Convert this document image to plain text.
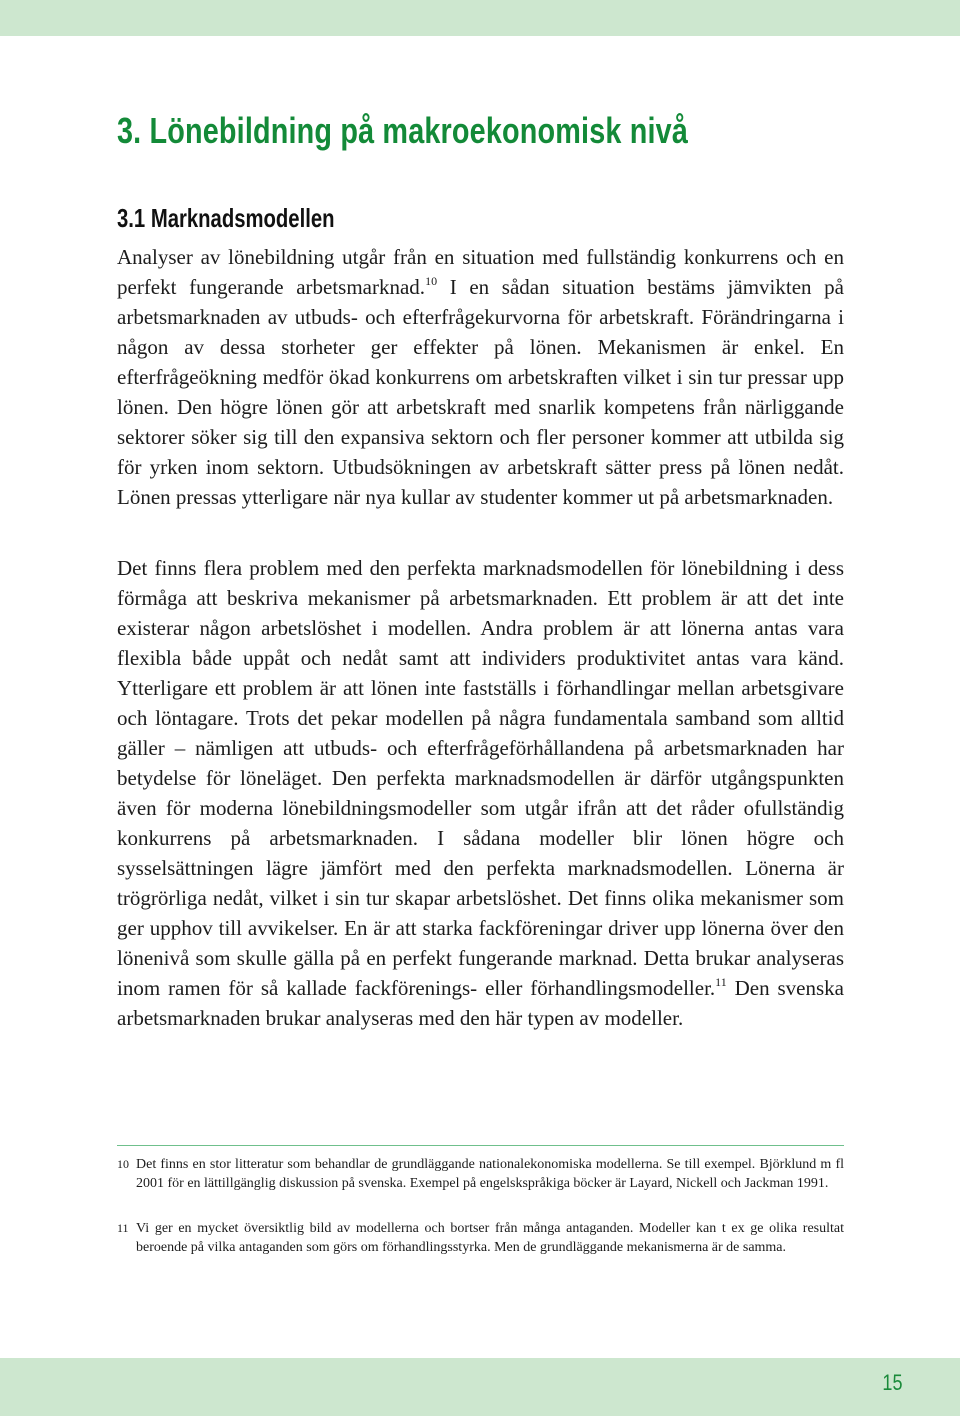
3. Lönebildning på makroekonomisk nivå
3.1 Marknadsmodellen

Analyser av lönebildning utgår från en situation med fullständig konkurrens och en perfekt fungerande arbetsmarknad.$^{10}$ I en sådan situation bestäms jämvikten på arbetsmarknaden av utbuds- och efterfrågekurvorna för arbetskraft. Förändringarna i någon av dessa storheter ger effekter på lönen. Mekanismen är enkel. En efterfrågeökning medför ökad konkurrens om arbetskraften vilket i sin tur pressar upp lönen. Den högre lönen gör att arbetskraft med snarlik kompetens från närliggande sektorer söker sig till den expansiva sektorn och fler personer kommer att utbilda sig för yrken inom sektorn. Utbudsökningen av arbetskraft sätter press på lönen nedåt. Lönen pressas ytterligare när nya kullar av studenter kommer ut på arbetsmarknaden.

Det finns flera problem med den perfekta marknadsmodellen för lönebildning i dess förmåga att beskriva mekanismer på arbetsmarknaden. Ett problem är att det inte existerar någon arbetslöshet i modellen. Andra problem är att lönerna antas vara flexibla både uppåt och nedåt samt att individers produktivitet antas vara känd. Ytterligare ett problem är att lönen inte fastställs i förhandlingar mellan arbetsgivare och löntagare. Trots det pekar modellen på några fundamentala samband som alltid gäller – nämligen att utbuds- och efterfrågeförhållandena på arbetsmarknaden har betydelse för löneläget. Den perfekta marknadsmodellen är därför utgångspunkten även för moderna lönebildningsmodeller som utgår ifrån att det råder ofullständig konkurrens på arbetsmarknaden. I sådana modeller blir lönen högre och sysselsättningen lägre jämfört med den perfekta marknadsmodellen. Lönerna är trögrörliga nedåt, vilket i sin tur skapar arbetslöshet. Det finns olika mekanismer som ger upphov till avvikelser. En är att starka fackföreningar driver upp lönerna över den lönenivå som skulle gälla på en perfekt fungerande marknad. Detta brukar analyseras inom ramen för så kallade fackförenings- eller förhandlingsmodeller.$^{11}$ Den svenska arbetsmarknaden brukar analyseras med den här typen av modeller.

10 Det finns en stor litteratur som behandlar de grundläggande nationalekonomiska modellerna. Se till exempel. Björklund m fl 2001 för en lättillgänglig diskussion på svenska. Exempel på engelskspråkiga böcker är Layard, Nickell och Jackman 1991.
11 Vi ger en mycket översiktlig bild av modellerna och bortser från många antaganden. Modeller kan t ex ge olika resultat beroende på vilka antaganden som görs om förhandlingsstyrka. Men de grundläggande mekanismerna är de samma.
15
